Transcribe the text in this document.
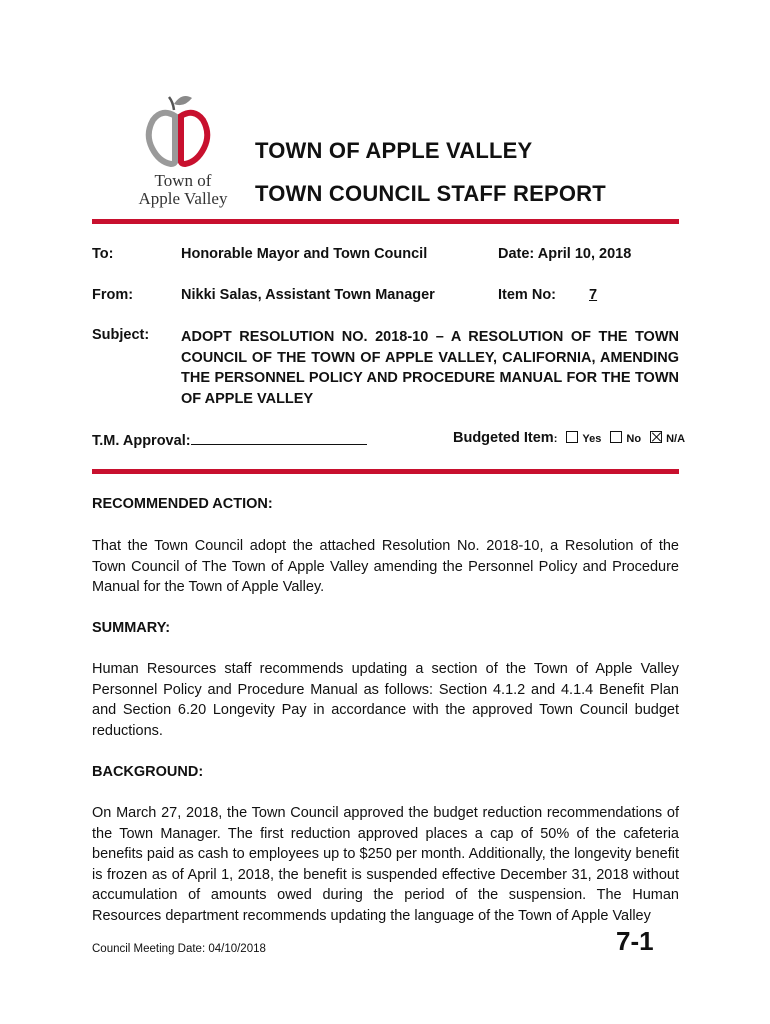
Town of
Apple Valley
TOWN OF APPLE VALLEY
TOWN COUNCIL STAFF REPORT
To:	Honorable Mayor and Town Council	Date: April 10, 2018
From:	Nikki Salas, Assistant Town Manager	Item No: 7
Subject: ADOPT RESOLUTION NO. 2018-10 – A RESOLUTION OF THE TOWN COUNCIL OF THE TOWN OF APPLE VALLEY, CALIFORNIA, AMENDING THE PERSONNEL POLICY AND PROCEDURE MANUAL FOR THE TOWN OF APPLE VALLEY
T.M. Approval:	Budgeted Item: Yes No N/A
RECOMMENDED ACTION:
That the Town Council adopt the attached Resolution No. 2018-10, a Resolution of the Town Council of The Town of Apple Valley amending the Personnel Policy and Procedure Manual for the Town of Apple Valley.
SUMMARY:
Human Resources staff recommends updating a section of the Town of Apple Valley Personnel Policy and Procedure Manual as follows: Section 4.1.2 and 4.1.4 Benefit Plan and Section 6.20 Longevity Pay in accordance with the approved Town Council budget reductions.
BACKGROUND:
On March 27, 2018, the Town Council approved the budget reduction recommendations of the Town Manager. The first reduction approved places a cap of 50% of the cafeteria benefits paid as cash to employees up to $250 per month. Additionally, the longevity benefit is frozen as of April 1, 2018, the benefit is suspended effective December 31, 2018 without accumulation of amounts owed during the period of the suspension. The Human Resources department recommends updating the language of the Town of Apple Valley
Council Meeting Date: 04/10/2018	7-1
